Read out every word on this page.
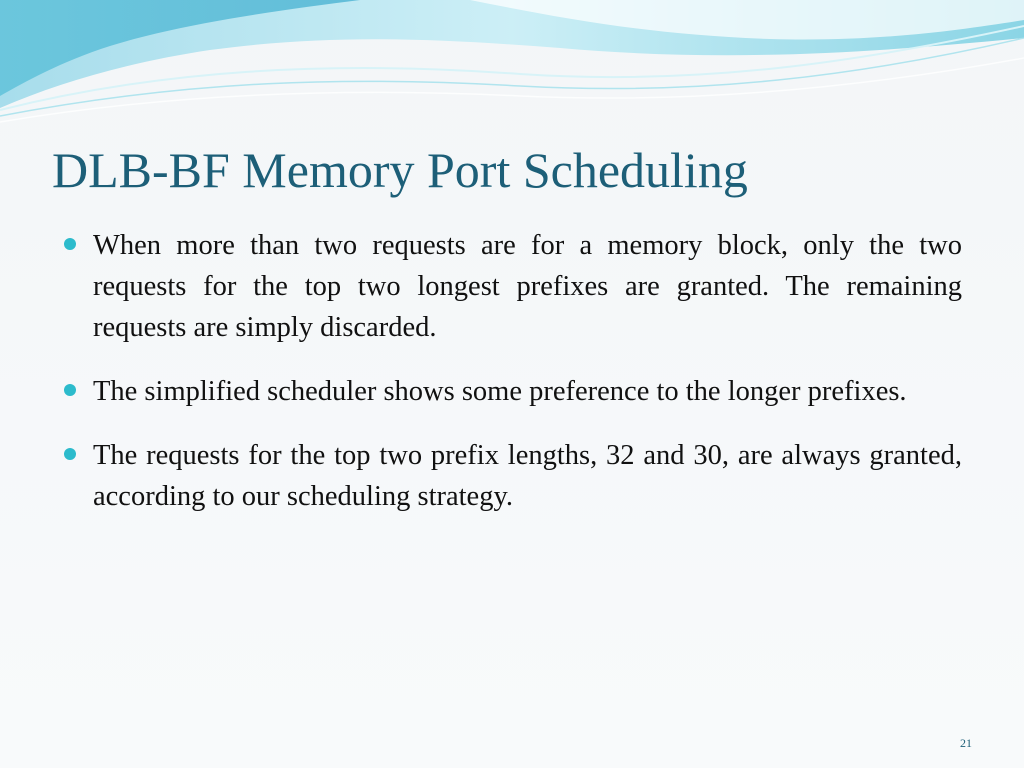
DLB-BF Memory Port Scheduling
When more than two requests are for a memory block, only the two requests for the top two longest prefixes are granted. The remaining requests are simply discarded.
The simplified scheduler shows some preference to the longer prefixes.
The requests for the top two prefix lengths, 32 and 30, are always granted, according to our scheduling strategy.
21
